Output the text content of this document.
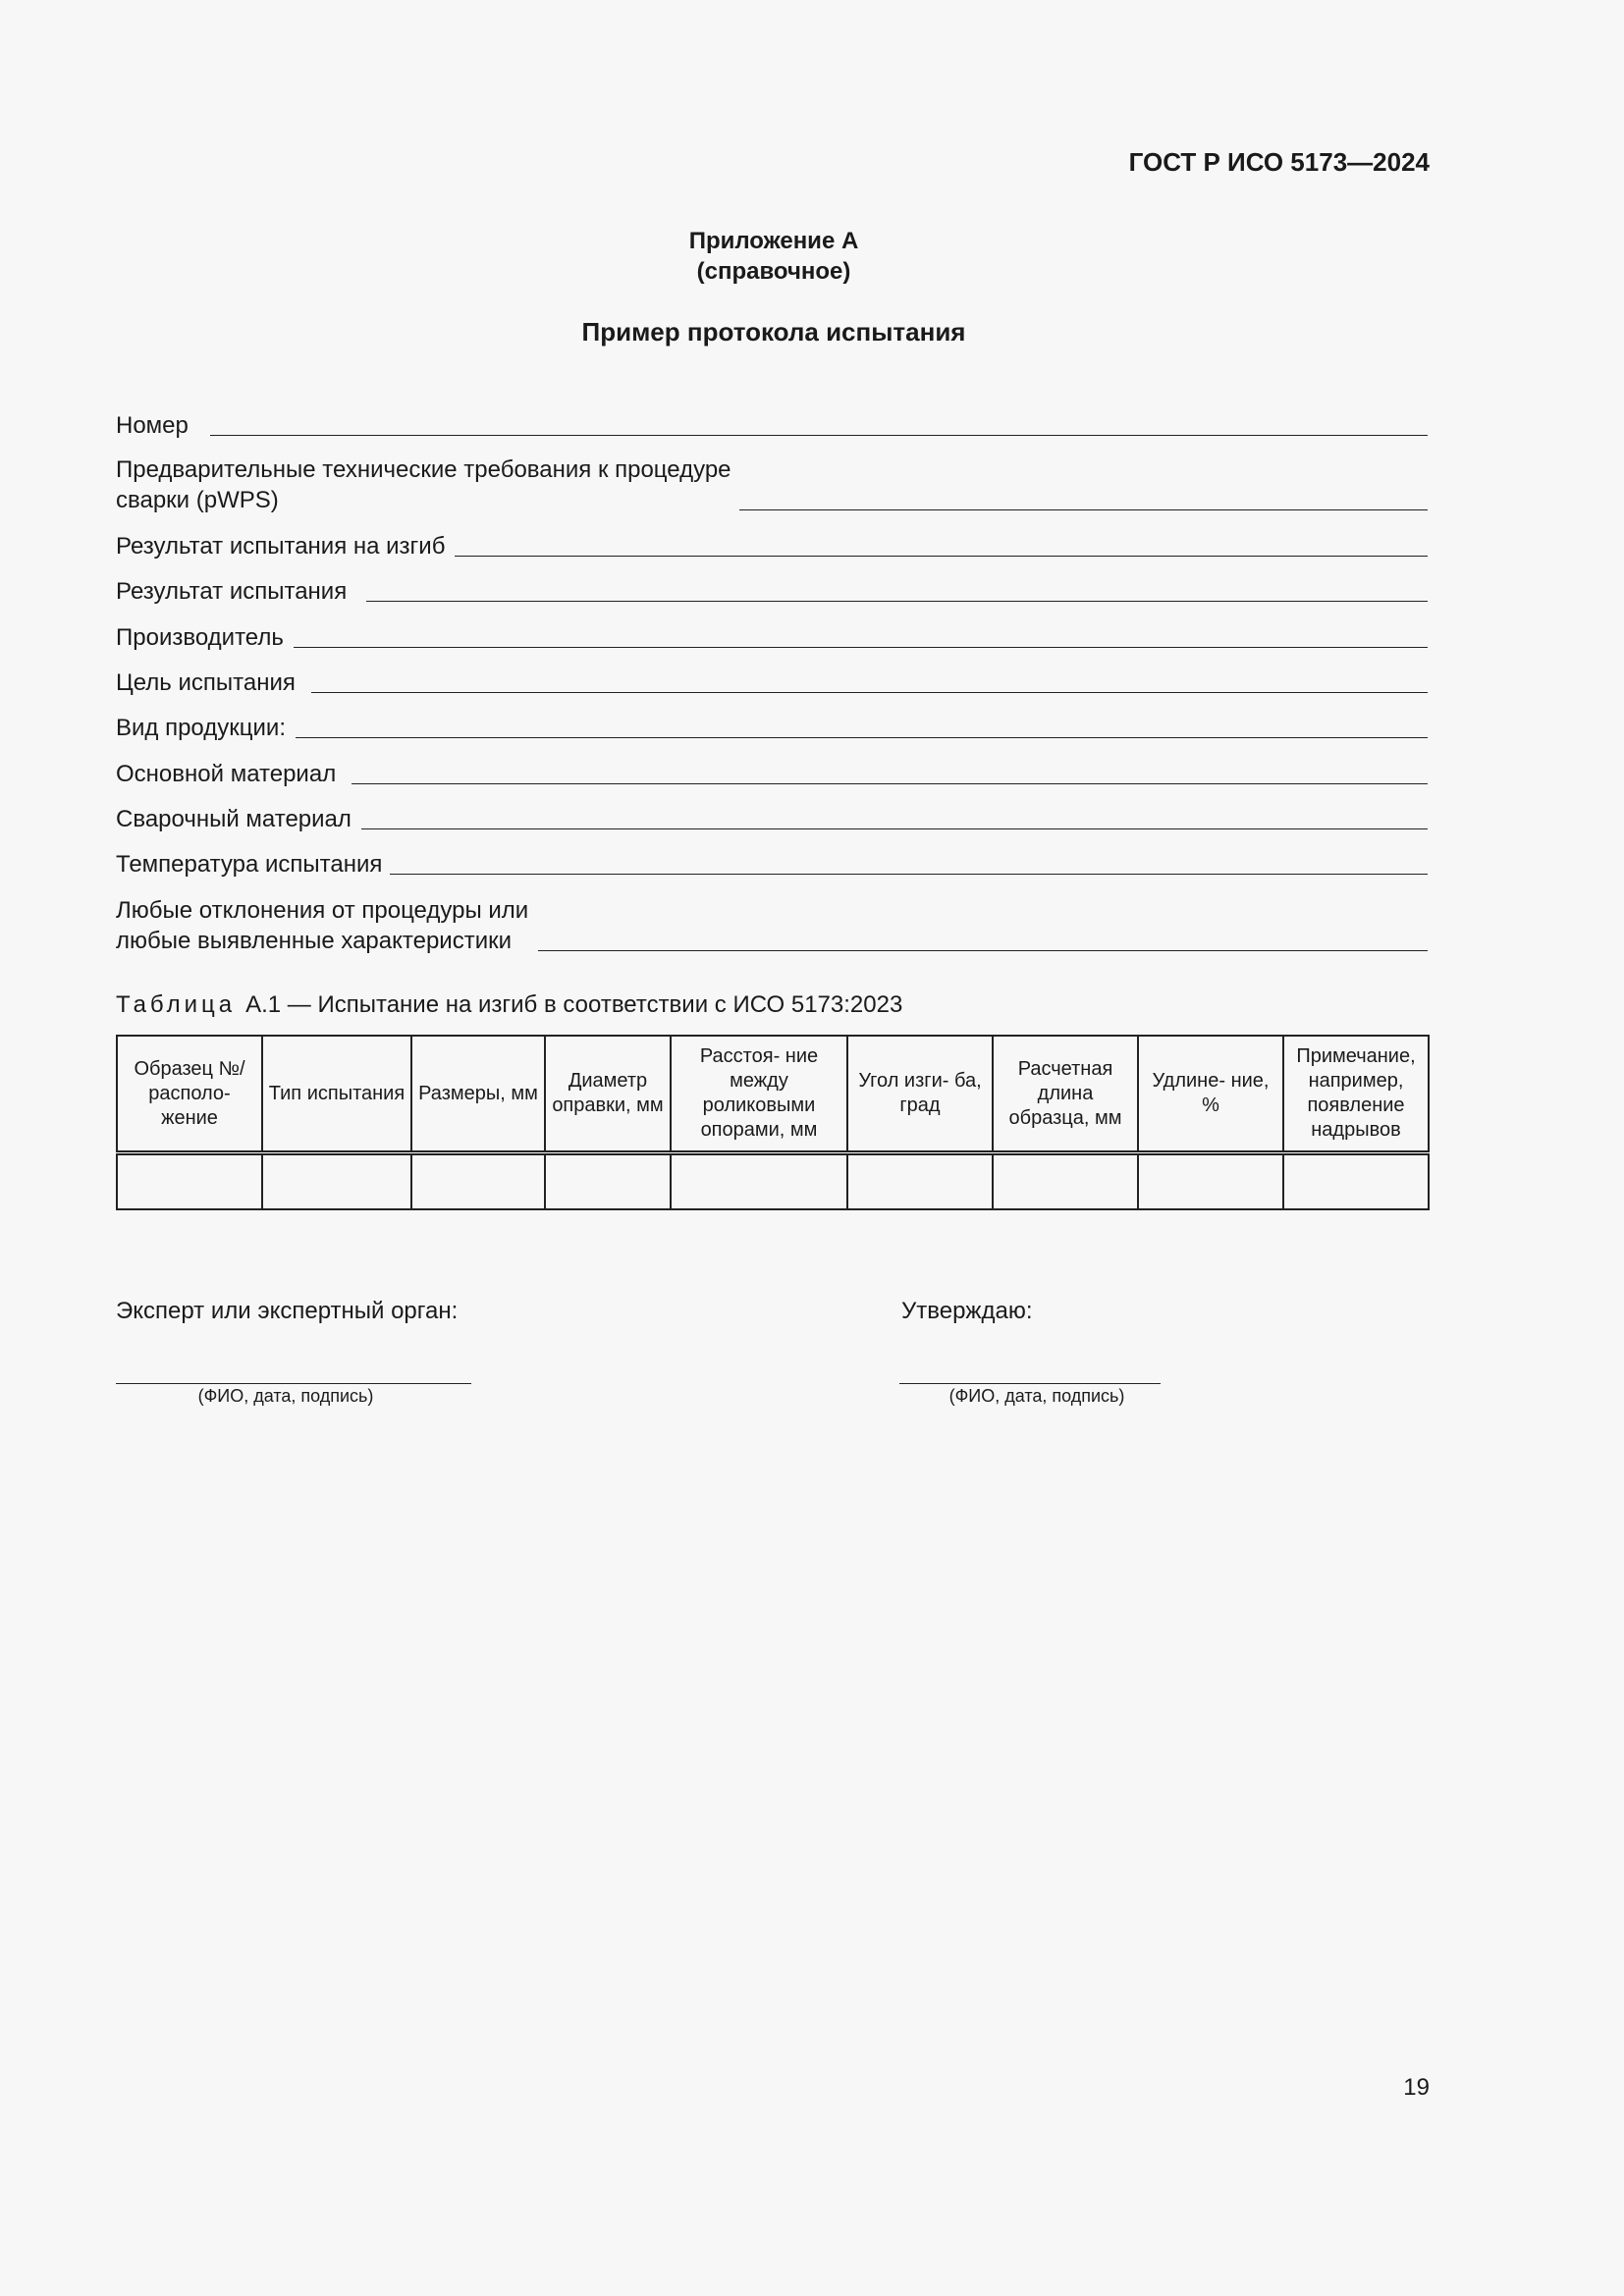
ГОСТ Р ИСО 5173—2024
Приложение А
(справочное)
Пример протокола испытания
Номер
Предварительные технические требования к процедуре
сварки (pWPS)
Результат испытания на изгиб
Результат испытания
Производитель
Цель испытания
Вид продукции:
Основной материал
Сварочный материал
Температура испытания
Любые отклонения от процедуры или
любые выявленные характеристики
Таблица А.1 — Испытание на изгиб в соответствии с ИСО 5173:2023
Образец №/ располо- жение	Тип испытания	Размеры, мм	Диаметр оправки, мм	Расстоя- ние между роликовыми опорами, мм	Угол изги- ба, град	Расчетная длина образца, мм	Удлине- ние, %	Примечание, например, появление надрывов

Эксперт или экспертный орган:
(ФИО, дата, подпись)
Утверждаю:
(ФИО, дата, подпись)
19
